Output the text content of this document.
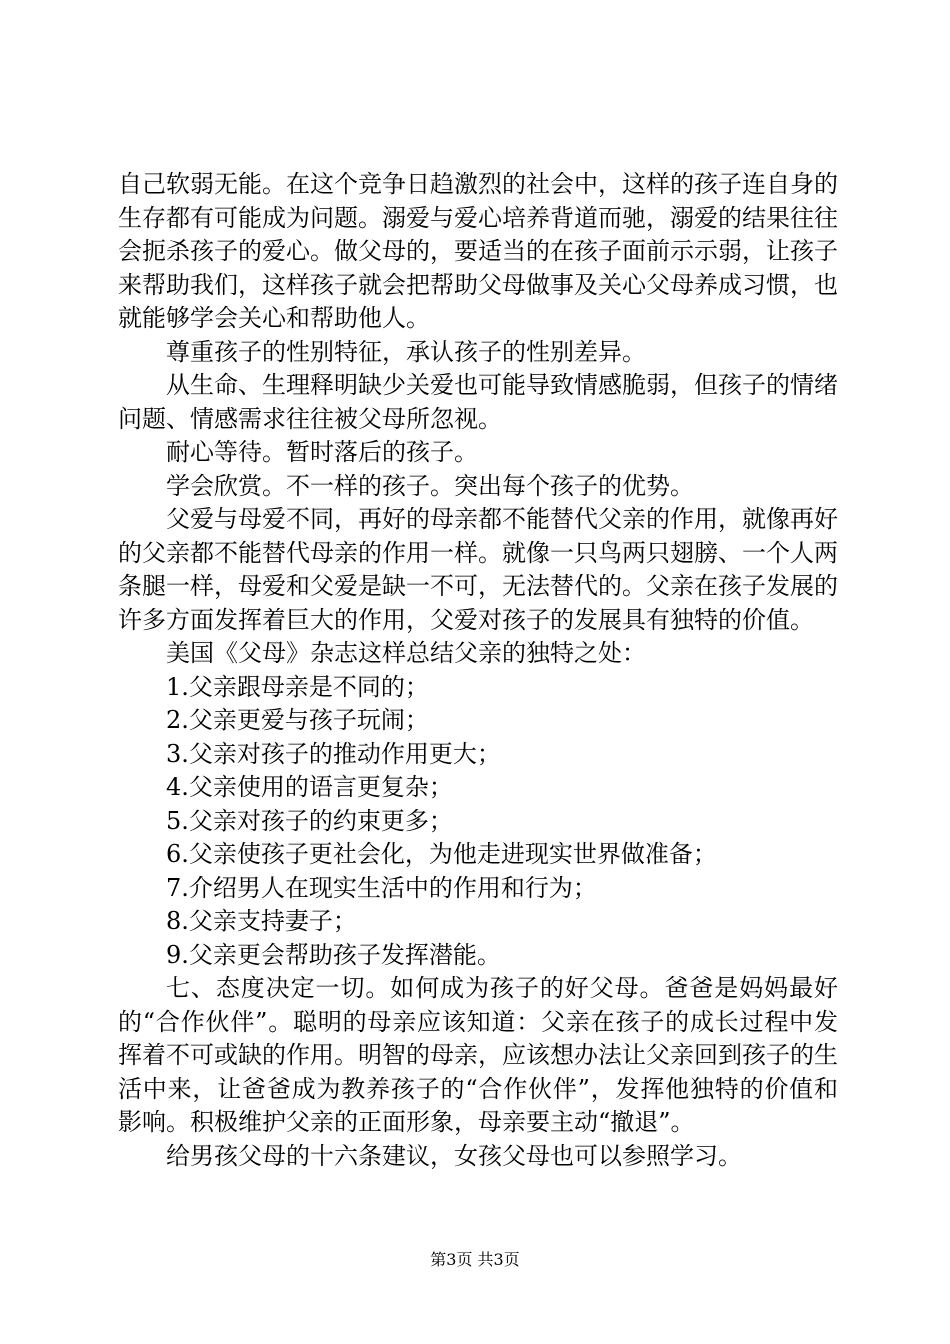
自己软弱无能。在这个竞争日趋激烈的社会中，这样的孩子连自身的生存都有可能成为问题。溺爱与爱心培养背道而驰，溺爱的结果往往会扼杀孩子的爱心。做父母的，要适当的在孩子面前示示弱，让孩子来帮助我们，这样孩子就会把帮助父母做事及关心父母养成习惯，也就能够学会关心和帮助他人。

尊重孩子的性别特征，承认孩子的性别差异。

从生命、生理释明缺少关爱也可能导致情感脆弱，但孩子的情绪问题、情感需求往往被父母所忽视。

耐心等待。暂时落后的孩子。

学会欣赏。不一样的孩子。突出每个孩子的优势。

父爱与母爱不同，再好的母亲都不能替代父亲的作用，就像再好的父亲都不能替代母亲的作用一样。就像一只鸟两只翅膀、一个人两条腿一样，母爱和父爱是缺一不可，无法替代的。父亲在孩子发展的许多方面发挥着巨大的作用，父爱对孩子的发展具有独特的价值。

美国《父母》杂志这样总结父亲的独特之处：

1.父亲跟母亲是不同的；

2.父亲更爱与孩子玩闹；

3.父亲对孩子的推动作用更大；

4.父亲使用的语言更复杂；

5.父亲对孩子的约束更多；

6.父亲使孩子更社会化，为他走进现实世界做准备；

7.介绍男人在现实生活中的作用和行为；

8.父亲支持妻子；

9.父亲更会帮助孩子发挥潜能。

七、态度决定一切。如何成为孩子的好父母。爸爸是妈妈最好的“合作伙伴”。聪明的母亲应该知道：父亲在孩子的成长过程中发挥着不可或缺的作用。明智的母亲，应该想办法让父亲回到孩子的生活中来，让爸爸成为教养孩子的“合作伙伴”，发挥他独特的价值和影响。积极维护父亲的正面形象，母亲要主动“撤退”。

给男孩父母的十六条建议，女孩父母也可以参照学习。

第3页 共3页
